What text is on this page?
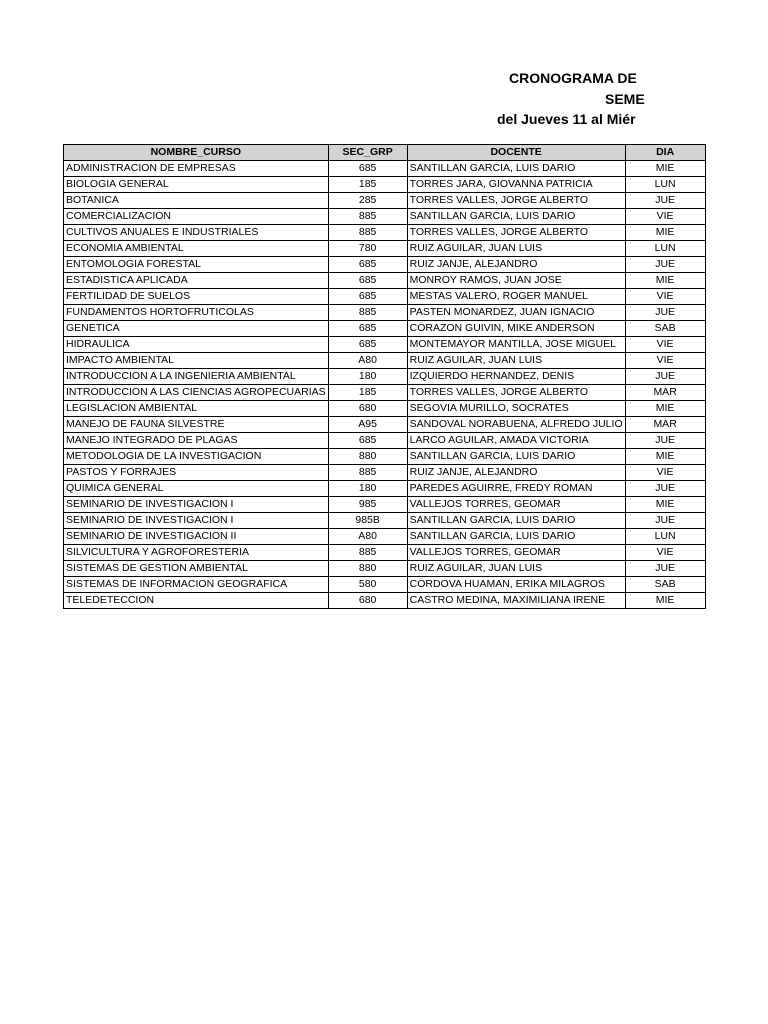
CRONOGRAMA DE
SEME
del Jueves 11 al Miér
NOMBRE_CURSO	SEC_GRP	DOCENTE	DIA
ADMINISTRACION DE EMPRESAS	685	SANTILLAN GARCIA, LUIS DARIO	MIE
BIOLOGIA GENERAL	185	TORRES JARA, GIOVANNA PATRICIA	LUN
BOTANICA	285	TORRES VALLES, JORGE ALBERTO	JUE
COMERCIALIZACION	885	SANTILLAN GARCIA, LUIS DARIO	VIE
CULTIVOS ANUALES E INDUSTRIALES	885	TORRES VALLES, JORGE ALBERTO	MIE
ECONOMIA AMBIENTAL	780	RUIZ AGUILAR, JUAN LUIS	LUN
ENTOMOLOGIA FORESTAL	685	RUIZ JANJE, ALEJANDRO	JUE
ESTADISTICA APLICADA	685	MONROY RAMOS, JUAN JOSE	MIE
FERTILIDAD DE SUELOS	685	MESTAS VALERO, ROGER MANUEL	VIE
FUNDAMENTOS HORTOFRUTICOLAS	885	PASTEN MONARDEZ, JUAN IGNACIO	JUE
GENETICA	685	CORAZON GUIVIN, MIKE ANDERSON	SAB
HIDRAULICA	685	MONTEMAYOR MANTILLA, JOSE MIGUEL	VIE
IMPACTO AMBIENTAL	A80	RUIZ AGUILAR, JUAN LUIS	VIE
INTRODUCCION A LA INGENIERIA AMBIENTAL	180	IZQUIERDO HERNANDEZ, DENIS	JUE
INTRODUCCION A LAS CIENCIAS AGROPECUARIAS	185	TORRES VALLES, JORGE ALBERTO	MAR
LEGISLACION AMBIENTAL	680	SEGOVIA MURILLO, SOCRATES	MIE
MANEJO DE FAUNA SILVESTRE	A95	SANDOVAL NORABUENA, ALFREDO JULIO	MAR
MANEJO INTEGRADO DE PLAGAS	685	LARCO AGUILAR, AMADA VICTORIA	JUE
METODOLOGIA DE LA INVESTIGACION	880	SANTILLAN GARCIA, LUIS DARIO	MIE
PASTOS Y FORRAJES	885	RUIZ JANJE, ALEJANDRO	VIE
QUIMICA GENERAL	180	PAREDES AGUIRRE, FREDY ROMAN	JUE
SEMINARIO DE INVESTIGACION I	985	VALLEJOS TORRES, GEOMAR	MIE
SEMINARIO DE INVESTIGACION I	985B	SANTILLAN GARCIA, LUIS DARIO	JUE
SEMINARIO DE INVESTIGACION II	A80	SANTILLAN GARCIA, LUIS DARIO	LUN
SILVICULTURA Y AGROFORESTERIA	885	VALLEJOS TORRES, GEOMAR	VIE
SISTEMAS DE GESTION AMBIENTAL	880	RUIZ AGUILAR, JUAN LUIS	JUE
SISTEMAS DE INFORMACION GEOGRAFICA	580	CORDOVA HUAMAN, ERIKA MILAGROS	SAB
TELEDETECCION	680	CASTRO MEDINA, MAXIMILIANA IRENE	MIE
